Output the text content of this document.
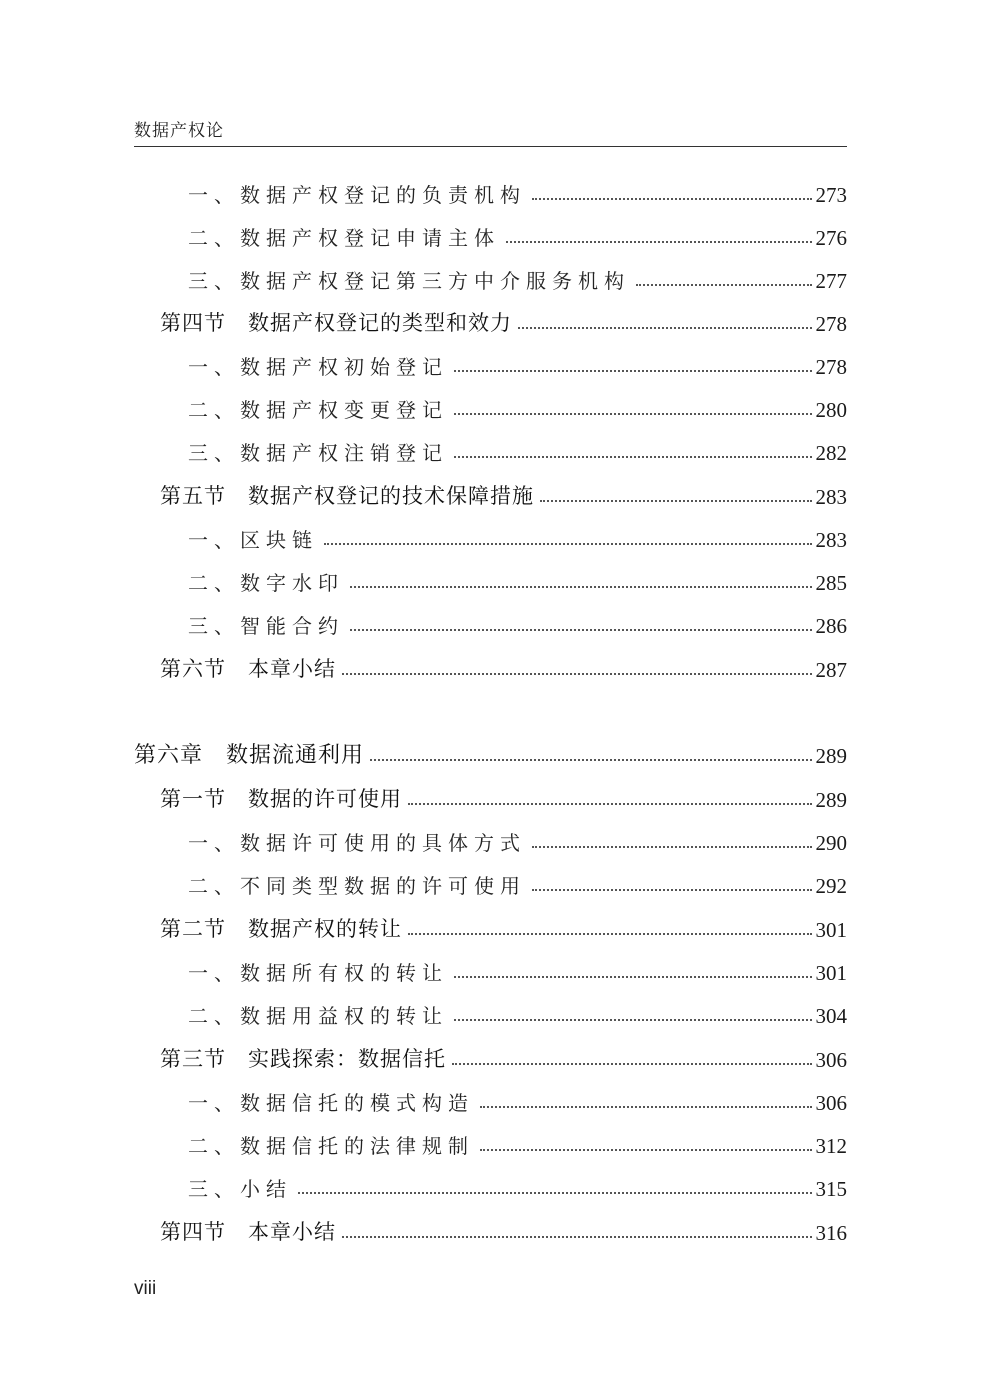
数据产权论
一、数据产权登记的负责机构	273
二、数据产权登记申请主体	276
三、数据产权登记第三方中介服务机构	277
第四节　数据产权登记的类型和效力	278
一、数据产权初始登记	278
二、数据产权变更登记	280
三、数据产权注销登记	282
第五节　数据产权登记的技术保障措施	283
一、区块链	283
二、数字水印	285
三、智能合约	286
第六节　本章小结	287
第六章　数据流通利用	289
第一节　数据的许可使用	289
一、数据许可使用的具体方式	290
二、不同类型数据的许可使用	292
第二节　数据产权的转让	301
一、数据所有权的转让	301
二、数据用益权的转让	304
第三节　实践探索：数据信托	306
一、数据信托的模式构造	306
二、数据信托的法律规制	312
三、小结	315
第四节　本章小结	316
viii
